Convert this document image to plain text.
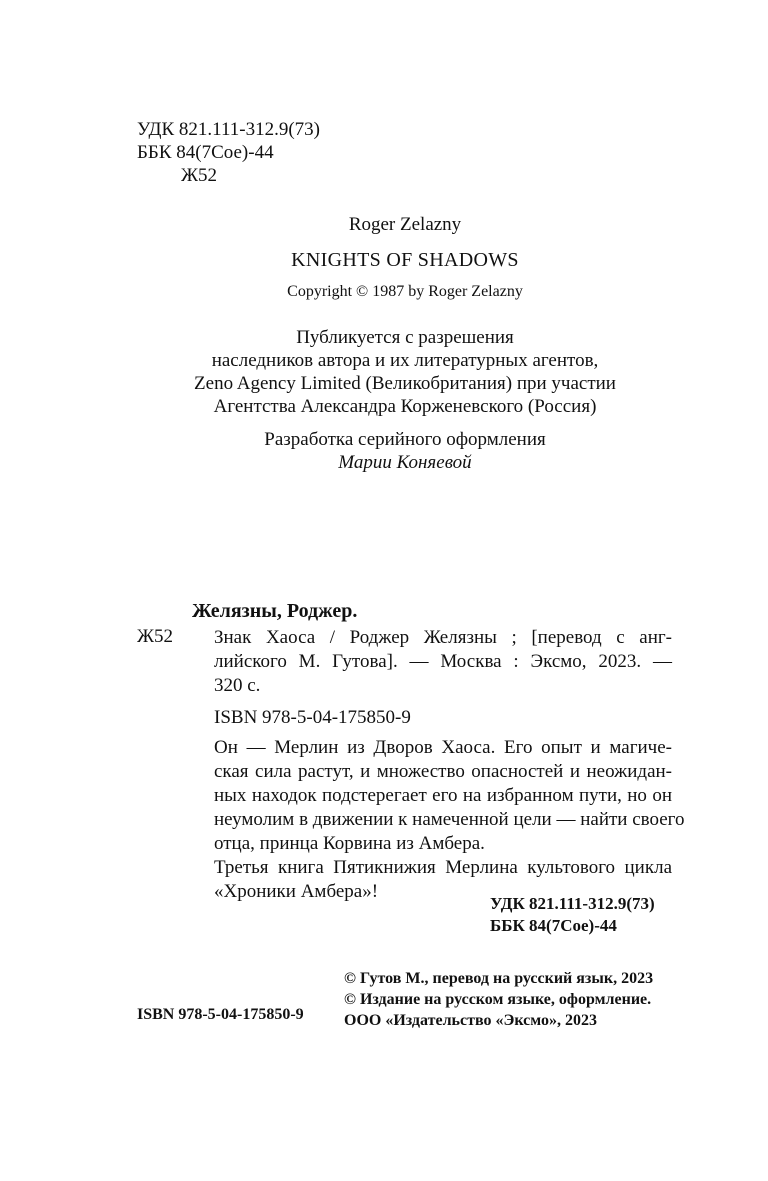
УДК 821.111-312.9(73)
ББК 84(7Сое)-44
Ж52
Roger Zelazny
KNIGHTS OF SHADOWS
Copyright © 1987 by Roger Zelazny
Публикуется с разрешения
наследников автора и их литературных агентов,
Zeno Agency Limited (Великобритания) при участии
Агентства Александра Корженевского (Россия)
Разработка серийного оформления
Марии Коняевой
Желязны, Роджер.
Ж52 Знак Хаоса / Роджер Желязны ; [перевод с анг-
лийского М. Гутова]. — Москва : Эксмо, 2023. —
320 с.
ISBN 978-5-04-175850-9
Он — Мерлин из Дворов Хаоса. Его опыт и магиче-
ская сила растут, и множество опасностей и неожидан-
ных находок подстерегает его на избранном пути, но он
неумолим в движении к намеченной цели — найти своего
отца, принца Корвина из Амбера.
Третья книга Пятикнижия Мерлина культового цикла
«Хроники Амбера»!
УДК 821.111-312.9(73)
ББК 84(7Сое)-44
© Гутов М., перевод на русский язык, 2023
© Издание на русском языке, оформление.
ООО «Издательство «Эксмо», 2023
ISBN 978-5-04-175850-9
